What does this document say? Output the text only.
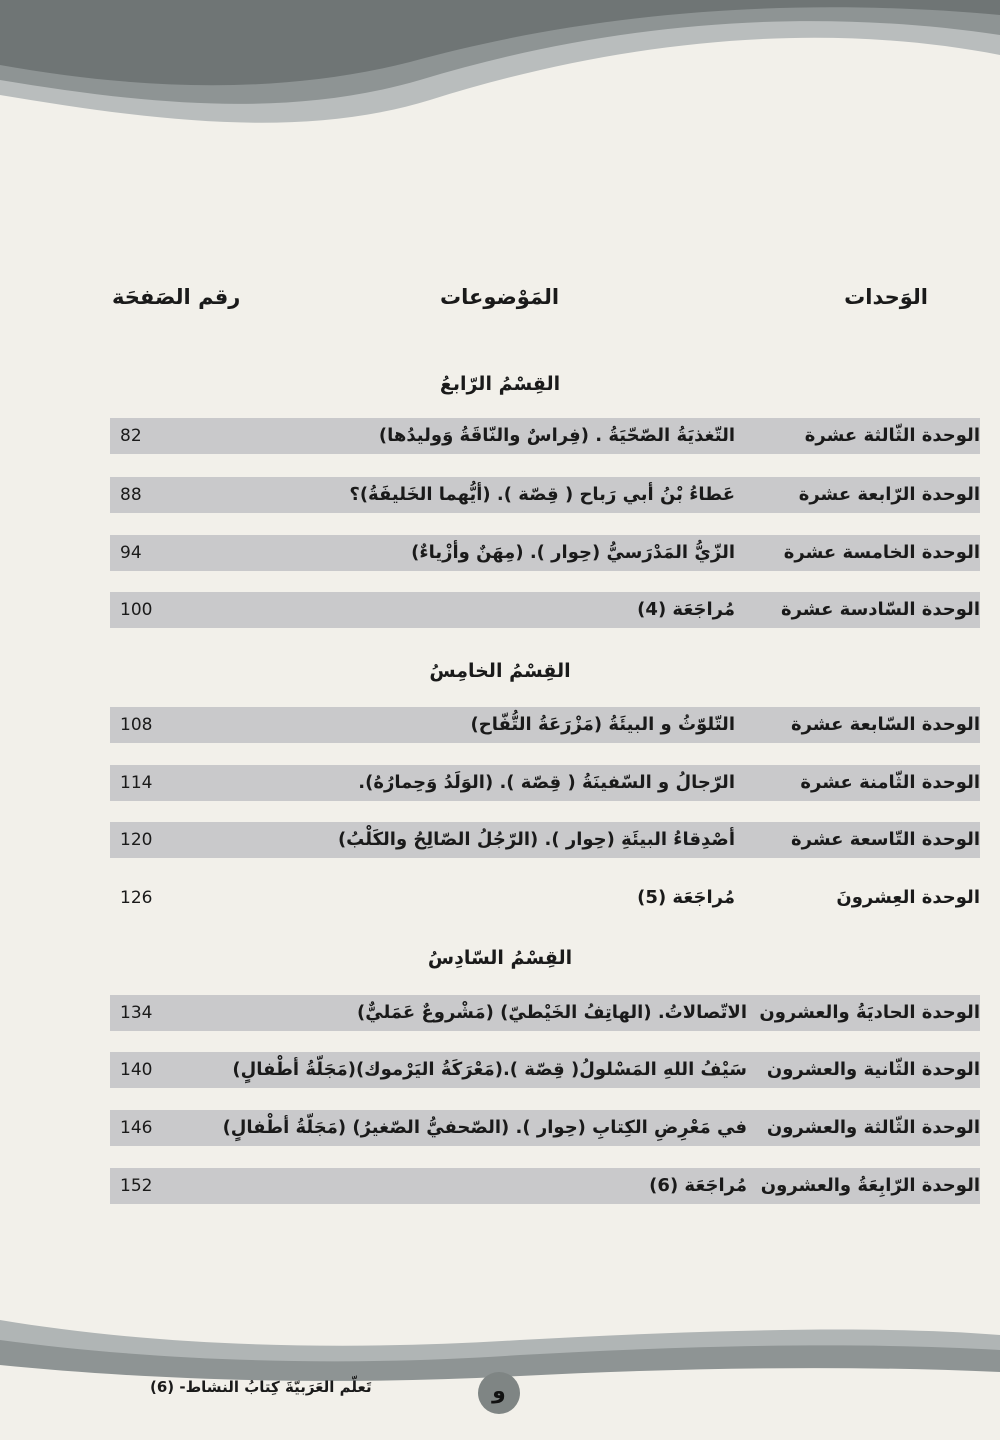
الوَحدات
المَوْضوعات
رقم الصَفحَة
القِسْمُ الرّابعُ
الوحدة الثّالثة عشرة
التّغذيَةُ الصّحّيَةُ . (فِراسٌ والنّاقَةُ وَوليدُها)
82
الوحدة الرّابعة عشرة
عَطاءُ بْنُ أبي رَباح ( قِصّة ). (أيُّهما الخَليفَةُ)؟
88
الوحدة الخامسة عشرة
الزّيُّ المَدْرَسيُّ (حِوار ). (مِهَنٌ وأزْياءٌ)
94
الوحدة السّادسة عشرة
مُراجَعَة (4)
100
القِسْمُ الخامِسُ
الوحدة السّابعة عشرة
التّلوّثُ و البيئَةُ (مَزْرَعَةُ التُّفّاح)
108
الوحدة الثّامنة عشرة
الرّجالُ و السّفينَةُ ( قِصّة ). (الوَلَدُ وَحِمارُهُ).
114
الوحدة التّاسعة عشرة
أصْدِقاءُ البيئَةِ (حِوار ). (الرّجُلُ الصّالِحُ والكَلْبُ)
120
الوحدة العِشرونَ
مُراجَعَة (5)
126
القِسْمُ السّادِسُ
الوحدة الحاديَةُ والعشرون
الاتّصالاتُ. (الهاتِفُ الخَيْطيّ) (مَشْروعٌ عَمَليٌّ)
134
الوحدة الثّانية والعشرون
سَيْفُ اللهِ المَسْلولُ( قِصّة ).(مَعْرَكَةُ اليَرْموك)(مَجَلّةُ أطْفالٍ)
140
الوحدة الثّالثة والعشرون
في مَعْرِضِ الكِتابِ (حِوار ). (الصّحفيُّ الصّغيرُ) (مَجَلّةُ أطْفالٍ)
146
الوحدة الرّابِعَةُ والعشرون
مُراجَعَة (6)
152
و
تَعلّم العَرَبيّةَ كِتابُ النشاط- (6)
